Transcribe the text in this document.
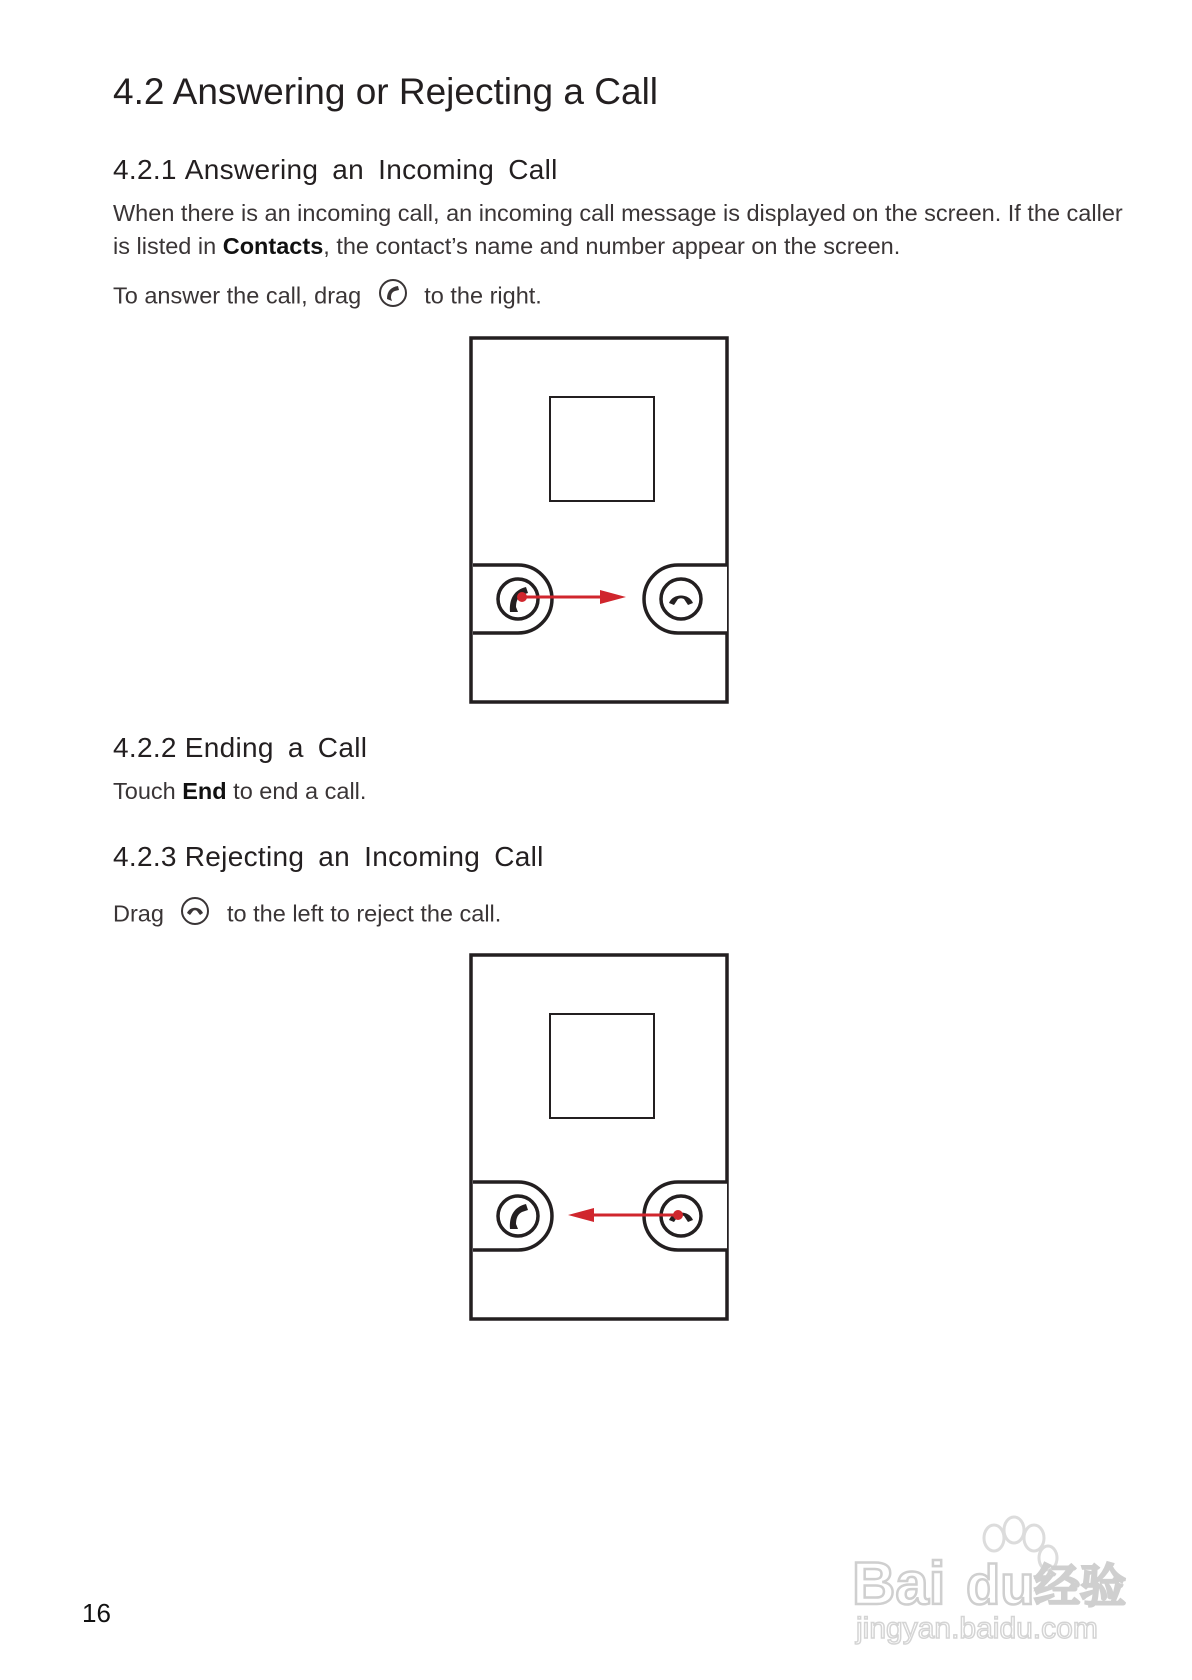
4.2 Answering or Rejecting a Call
4.2.1 Answering an Incoming Call
When there is an incoming call, an incoming call message is displayed on the screen. If the caller
is listed in Contacts, the contact’s name and number appear on the screen.
To answer the call, drag	to the right.
4.2.2 Ending a Call
Touch End to end a call.
4.2.3 Rejecting an Incoming Call
Drag	to the left to reject the call.
16	Bai du 经验
jingyan.baidu.com
